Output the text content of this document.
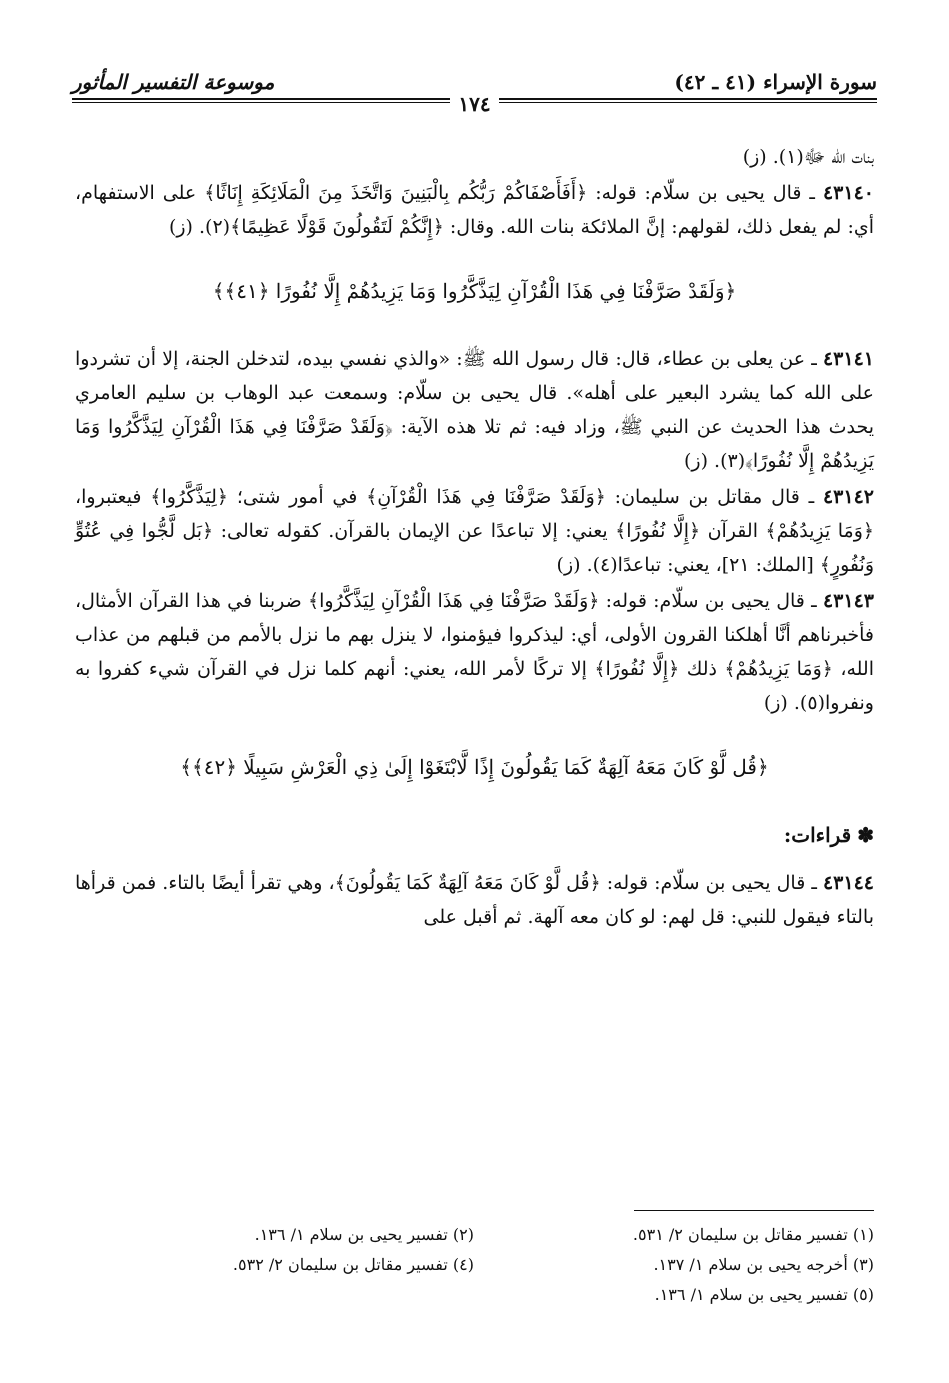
سورة الإسراء (٤١ ـ ٤٢)
موسوعة التفسير المأثور
١٧٤

بنات الله ﷻ(١). (ز)

٤٣١٤٠ ـ قال يحيى بن سلّام: قوله: ﴿أَفَأَصْفَاكُمْ رَبُّكُم بِالْبَنِينَ وَاتَّخَذَ مِنَ الْمَلَائِكَةِ إِنَاثًا﴾ على الاستفهام، أي: لم يفعل ذلك، لقولهم: إنَّ الملائكة بنات الله. وقال: ﴿إِنَّكُمْ لَتَقُولُونَ قَوْلًا عَظِيمًا﴾(٢). (ز)

﴿وَلَقَدْ صَرَّفْنَا فِي هَذَا الْقُرْآنِ لِيَذَّكَّرُوا وَمَا يَزِيدُهُمْ إِلَّا نُفُورًا ﴿٤١﴾﴾

٤٣١٤١ ـ عن يعلى بن عطاء، قال: قال رسول الله ﷺ: «والذي نفسي بيده، لتدخلن الجنة، إلا أن تشردوا على الله كما يشرد البعير على أهله». قال يحيى بن سلّام: وسمعت عبد الوهاب بن سليم العامري يحدث هذا الحديث عن النبي ﷺ، وزاد فيه: ثم تلا هذه الآية: ﴿وَلَقَدْ صَرَّفْنَا فِي هَذَا الْقُرْآنِ لِيَذَّكَّرُوا وَمَا يَزِيدُهُمْ إِلَّا نُفُورًا﴾(٣). (ز)

٤٣١٤٢ ـ قال مقاتل بن سليمان: ﴿وَلَقَدْ صَرَّفْنَا فِي هَذَا الْقُرْآنِ﴾ في أمور شتى؛ ﴿لِيَذَّكَّرُوا﴾ فيعتبروا، ﴿وَمَا يَزِيدُهُمْ﴾ القرآن ﴿إِلَّا نُفُورًا﴾ يعني: إلا تباعدًا عن الإيمان بالقرآن. كقوله تعالى: ﴿بَل لَّجُّوا فِي عُتُوٍّ وَنُفُورٍ﴾ [الملك: ٢١]، يعني: تباعدًا(٤). (ز)

٤٣١٤٣ ـ قال يحيى بن سلّام: قوله: ﴿وَلَقَدْ صَرَّفْنَا فِي هَذَا الْقُرْآنِ لِيَذَّكَّرُوا﴾ ضربنا في هذا القرآن الأمثال، فأخبرناهم أنَّا أهلكنا القرون الأولى، أي: ليذكروا فيؤمنوا، لا ينزل بهم ما نزل بالأمم من قبلهم من عذاب الله، ﴿وَمَا يَزِيدُهُمْ﴾ ذلك ﴿إِلَّا نُفُورًا﴾ إلا تركًا لأمر الله، يعني: أنهم كلما نزل في القرآن شيء كفروا به ونفروا(٥). (ز)

﴿قُل لَّوْ كَانَ مَعَهُ آلِهَةٌ كَمَا يَقُولُونَ إِذًا لَّابْتَغَوْا إِلَىٰ ذِي الْعَرْشِ سَبِيلًا ﴿٤٢﴾﴾
✽قراءات:

٤٣١٤٤ ـ قال يحيى بن سلّام: قوله: ﴿قُل لَّوْ كَانَ مَعَهُ آلِهَةٌ كَمَا يَقُولُونَ﴾، وهي تقرأ أيضًا بالتاء. فمن قرأها بالتاء فيقول للنبي: قل لهم: لو كان معه آلهة. ثم أقبل على

(١) تفسير مقاتل بن سليمان ٢/ ٥٣١.
(٢) تفسير يحيى بن سلام ١/ ١٣٦.
(٣) أخرجه يحيى بن سلام ١/ ١٣٧.
(٤) تفسير مقاتل بن سليمان ٢/ ٥٣٢.
(٥) تفسير يحيى بن سلام ١/ ١٣٦.
